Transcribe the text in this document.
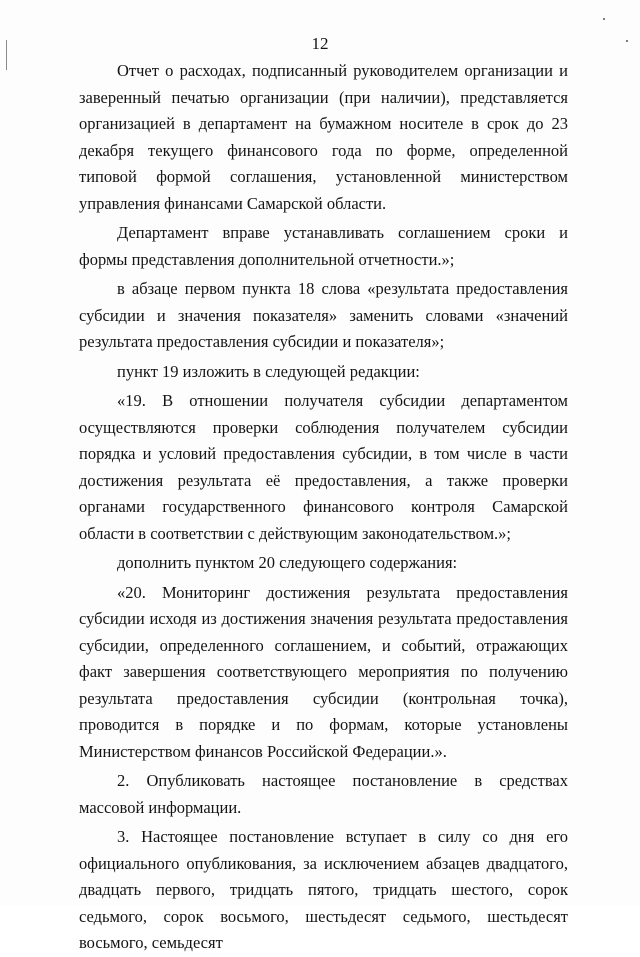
12

Отчет о расходах, подписанный руководителем организации и заверенный печатью организации (при наличии), представляется организацией в департамент на бумажном носителе в срок до 23 декабря текущего финансового года по форме, определенной типовой формой соглашения, установленной министерством управления финансами Самарской области.

Департамент вправе устанавливать соглашением сроки и формы представления дополнительной отчетности.»;

в абзаце первом пункта 18 слова «результата предоставления субсидии и значения показателя» заменить словами «значений результата предоставления субсидии и показателя»;

пункт 19 изложить в следующей редакции:

«19. В отношении получателя субсидии департаментом осуществляются проверки соблюдения получателем субсидии порядка и условий предоставления субсидии, в том числе в части достижения результата её предоставления, а также проверки органами государственного финансового контроля Самарской области в соответствии с действующим законодательством.»;

дополнить пунктом 20 следующего содержания:

«20. Мониторинг достижения результата предоставления субсидии исходя из достижения значения результата предоставления субсидии, определенного соглашением, и событий, отражающих факт завершения соответствующего мероприятия по получению результата предоставления субсидии (контрольная точка), проводится в порядке и по формам, которые установлены Министерством финансов Российской Федерации.».

2. Опубликовать настоящее постановление в средствах массовой информации.

3. Настоящее постановление вступает в силу со дня его официального опубликования, за исключением абзацев двадцатого, двадцать первого, тридцать пятого, тридцать шестого, сорок седьмого, сорок восьмого, шестьдесят седьмого, шестьдесят восьмого, семьдесят
